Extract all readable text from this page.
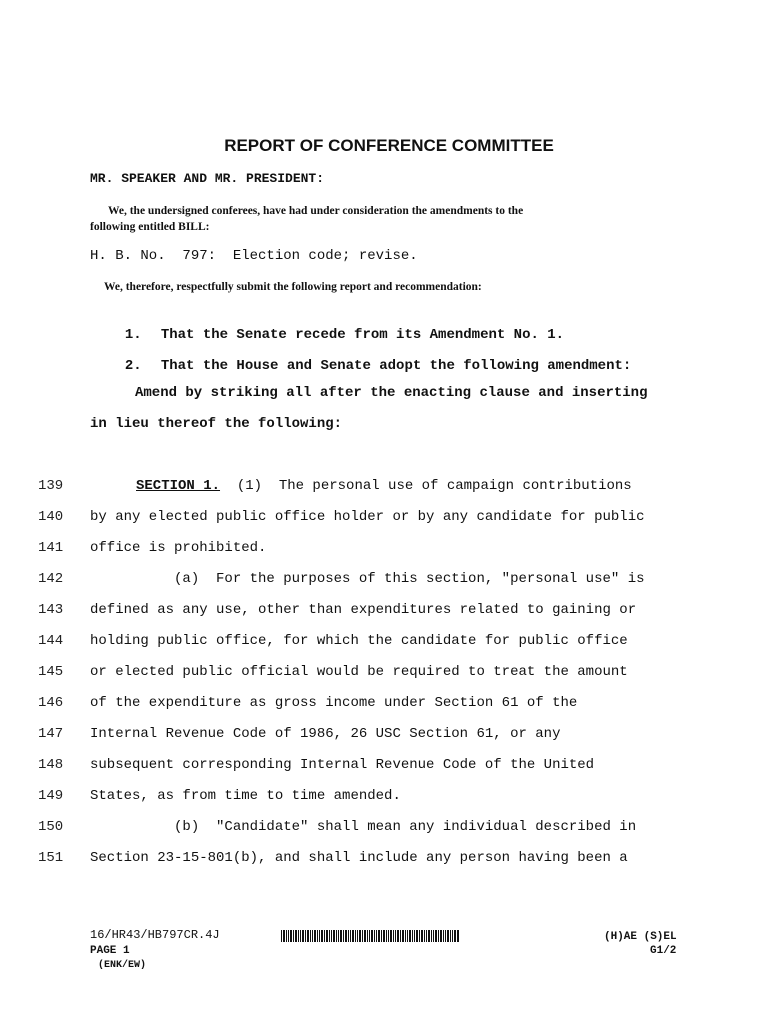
REPORT OF CONFERENCE COMMITTEE
MR. SPEAKER AND MR. PRESIDENT:
We, the undersigned conferees, have had under consideration the amendments to the
following entitled BILL:
H. B. No.  797:  Election code; revise.
We, therefore, respectfully submit the following report and recommendation:

1. That the Senate recede from its Amendment No. 1.

2. That the House and Senate adopt the following amendment:

Amend by striking all after the enacting clause and inserting
in lieu thereof the following:
139	SECTION 1.  (1)  The personal use of campaign contributions
140 by any elected public office holder or by any candidate for public
141 office is prohibited.
142 (a)  For the purposes of this section, "personal use" is
143 defined as any use, other than expenditures related to gaining or
144 holding public office, for which the candidate for public office
145 or elected public official would be required to treat the amount
146 of the expenditure as gross income under Section 61 of the
147 Internal Revenue Code of 1986, 26 USC Section 61, or any
148 subsequent corresponding Internal Revenue Code of the United
149 States, as from time to time amended.
150 (b)  "Candidate" shall mean any individual described in
151 Section 23-15-801(b), and shall include any person having been a
16/HR43/HB797CR.4J
PAGE 1
(ENK/EW)
(H)AE (S)EL
G1/2
